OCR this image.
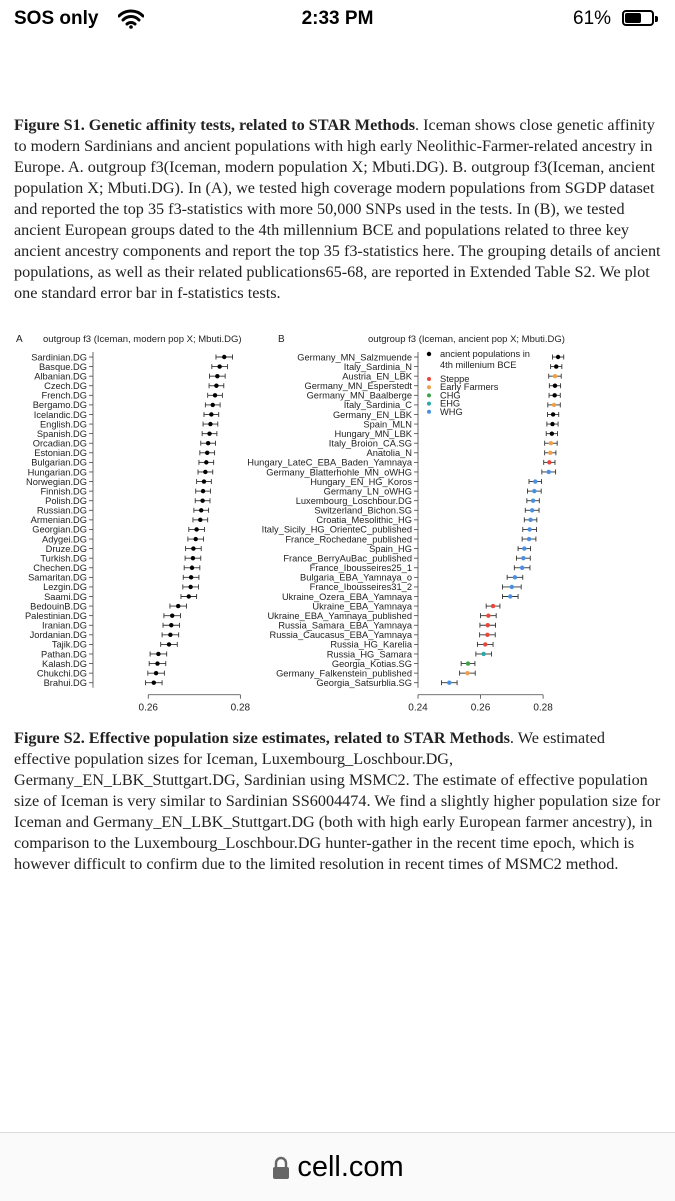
SOS only	2:33 PM	61%
Figure S1. Genetic affinity tests, related to STAR Methods. Iceman shows close genetic affinity to modern Sardinians and ancient populations with high early Neolithic-Farmer-related ancestry in Europe. A. outgroup f3(Iceman, modern population X; Mbuti.DG). B. outgroup f3(Iceman, ancient population X; Mbuti.DG). In (A), we tested high coverage modern populations from SGDP dataset and reported the top 35 f3-statistics with more 50,000 SNPs used in the tests. In (B), we tested ancient European groups dated to the 4th millennium BCE and populations related to three key ancient ancestry components and report the top 35 f3-statistics here. The grouping details of ancient populations, as well as their related publications65-68, are reported in Extended Table S2. We plot one standard error bar in f-statistics tests.
A outgroup f3 (Iceman, modern pop X; Mbuti.DG)
0.26	0.28
Sardinian.DG
Basque.DG
Albanian.DG
Czech.DG
French.DG
Bergamo.DG
Icelandic.DG
English.DG
Spanish.DG
Orcadian.DG
Estonian.DG
Bulgarian.DG
Hungarian.DG
Norwegian.DG
Finnish.DG
Polish.DG
Russian.DG
Armenian.DG
Georgian.DG
Adygei.DG
Druze.DG
Turkish.DG
Chechen.DG
Samaritan.DG
Lezgin.DG
Saami.DG
BedouinB.DG
Palestinian.DG
Iranian.DG
Jordanian.DG
Tajik.DG
Pathan.DG
Kalash.DG
Chukchi.DG
Brahui.DG
B	outgroup f3 (Iceman, ancient pop X; Mbuti.DG)
0.24	0.26	0.28
Germany_MN_Salzmuende
Italy_Sardinia_N
Austria_EN_LBK
Germany_MN_Esperstedt
Germany_MN_Baalberge
Italy_Sardinia_C
Germany_EN_LBK
Spain_MLN
Hungary_MN_LBK
Italy_Broion_CA.SG
Anatolia_N
Hungary_LateC_EBA_Baden_Yamnaya
Germany_Blatterhohle_MN_oWHG
Hungary_EN_HG_Koros
Germany_LN_oWHG
Luxembourg_Loschbour.DG
Switzerland_Bichon.SG
Croatia_Mesolithic_HG
Italy_Sicily_HG_OrienteC_published
France_Rochedane_published
Spain_HG
France_BerryAuBac_published
France_Ibousseires25_1
Bulgaria_EBA_Yamnaya_o
France_Ibousseires31_2
Ukraine_Ozera_EBA_Yamnaya
Ukraine_EBA_Yamnaya
Ukraine_EBA_Yamnaya_published
Russia_Samara_EBA_Yamnaya
Russia_Caucasus_EBA_Yamnaya
Russia_HG_Karelia
Russia_HG_Samara
Georgia_Kotias.SG
Germany_Falkenstein_published
Georgia_Satsurblia.SG
ancient populations in
4th millenium BCE
Steppe
Early Farmers
CHG
EHG
WHG
Figure S2. Effective population size estimates, related to STAR Methods. We estimated effective population sizes for Iceman, Luxembourg_Loschbour.DG, Germany_EN_LBK_Stuttgart.DG, Sardinian using MSMC2. The estimate of effective population size of Iceman is very similar to Sardinian SS6004474. We find a slightly higher population size for Iceman and Germany_EN_LBK_Stuttgart.DG (both with high early European farmer ancestry), in comparison to the Luxembourg_Loschbour.DG hunter-gather in the recent time epoch, which is however difficult to confirm due to the limited resolution in recent times of MSMC2 method.
cell.com
